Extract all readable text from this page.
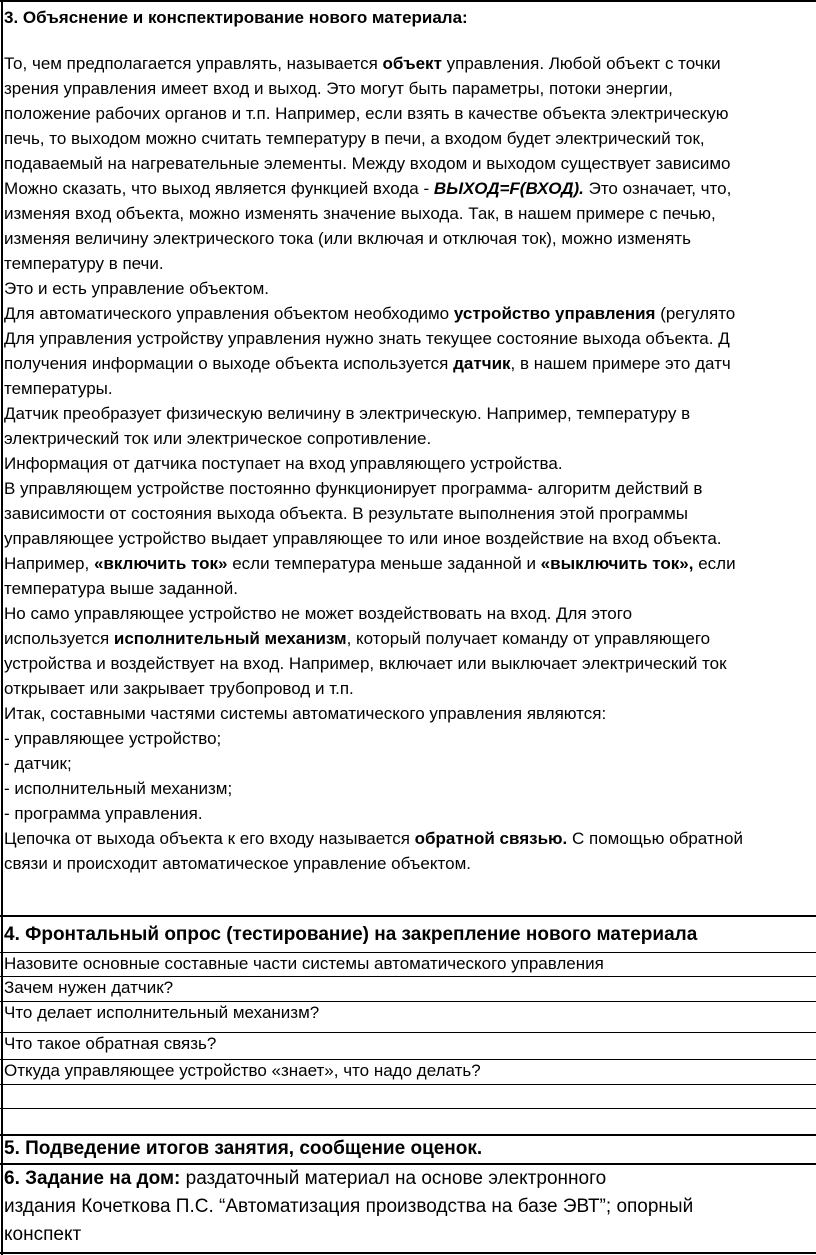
3. Объяснение и конспектирование нового материала:
То, чем предполагается управлять, называется объект управления. Любой объект с точки
зрения управления имеет вход и выход. Это могут быть параметры, потоки энергии,
положение рабочих органов и т.п. Например, если взять в качестве объекта электрическую
печь, то выходом можно считать температуру в печи, а входом будет электрический ток,
подаваемый на нагревательные элементы. Между входом и выходом существует зависимо
Можно сказать, что выход является функцией входа - ВЫХОД=F(ВХОД). Это означает, что,
изменяя вход объекта, можно изменять значение выхода. Так, в нашем примере с печью,
изменяя величину электрического тока (или включая и отключая ток), можно изменять
температуру в печи.
Это и есть управление объектом.
Для автоматического управления объектом необходимо устройство управления (регулято
Для управления устройству управления нужно знать текущее состояние выхода объекта. Д
получения информации о выходе объекта используется датчик, в нашем примере это датч
температуры.
Датчик преобразует физическую величину в электрическую. Например, температуру в
электрический ток или электрическое сопротивление.
Информация от датчика поступает на вход управляющего устройства.
В управляющем устройстве постоянно функционирует программа- алгоритм действий в
зависимости от состояния выхода объекта. В результате выполнения этой программы
управляющее устройство выдает управляющее то или иное воздействие на вход объекта.
Например, «включить ток» если температура меньше заданной и «выключить ток», если
температура выше заданной.
Но само управляющее устройство не может воздействовать на вход. Для этого
используется исполнительный механизм, который получает команду от управляющего
устройства и воздействует на вход. Например, включает или выключает электрический ток
открывает или закрывает трубопровод и т.п.
Итак, составными частями системы автоматического управления являются:
- управляющее устройство;
- датчик;
- исполнительный механизм;
- программа управления.
Цепочка от выхода объекта к его входу называется обратной связью. С помощью обратной
связи и происходит автоматическое управление объектом.
4. Фронтальный опрос (тестирование) на закрепление нового материала
Назовите основные составные части системы автоматического управления
Зачем нужен датчик?
Что делает исполнительный механизм?
Что такое обратная связь?
Откуда управляющее устройство «знает», что надо делать?
5. Подведение итогов занятия, сообщение оценок.
6. Задание на дом: раздаточный материал на основе электронного
издания Кочеткова П.С. “Автоматизация производства на базе ЭВТ”; опорный
конспект
